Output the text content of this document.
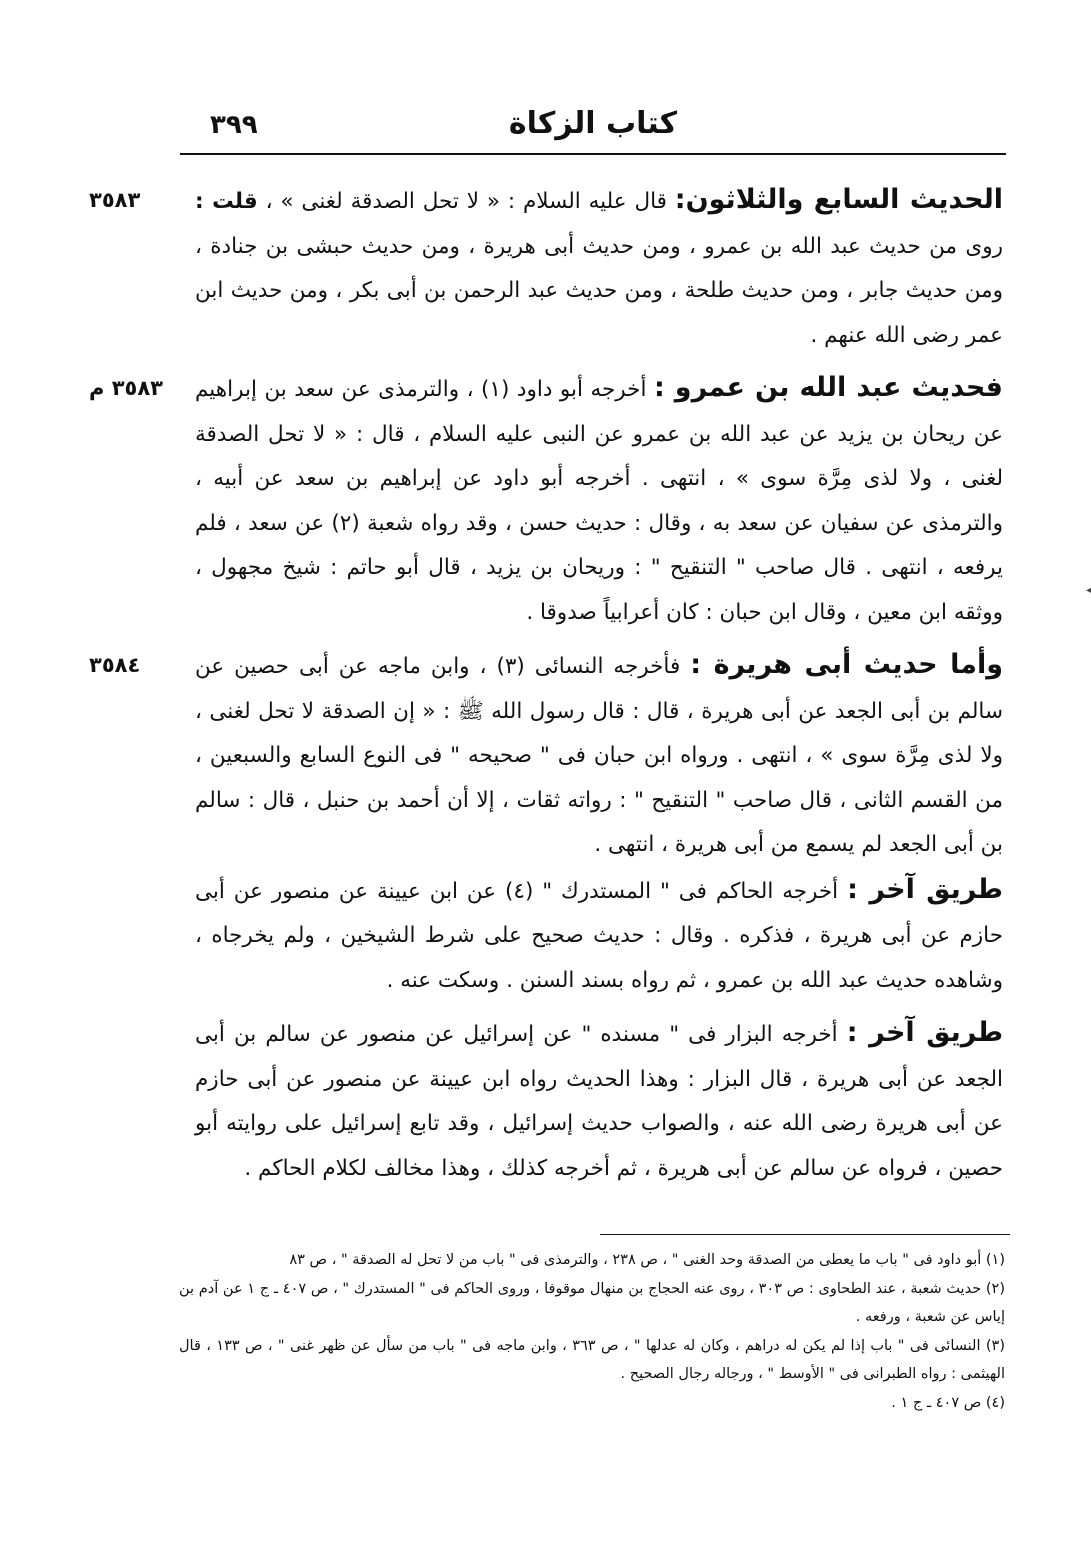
كتاب الزكاة
٣٩٩
٣٥٨٣	الحديث السابع والثلاثون: قال عليه السلام : « لا تحل الصدقة لغنى » ، قلت : روى من حديث عبد الله بن عمرو ، ومن حديث أبى هريرة ، ومن حديث حبشى بن جنادة ، ومن حديث جابر ، ومن حديث طلحة ، ومن حديث عبد الرحمن بن أبى بكر ، ومن حديث ابن عمر رضى الله عنهم .
٣٥٨٣ م	فحديث عبد الله بن عمرو : أخرجه أبو داود (١) ، والترمذى عن سعد بن إبراهيم عن ريحان بن يزيد عن عبد الله بن عمرو عن النبى عليه السلام ، قال : « لا تحل الصدقة لغنى ، ولا لذى مِرَّة سوى » ، انتهى . أخرجه أبو داود عن إبراهيم بن سعد عن أبيه ، والترمذى عن سفيان عن سعد به ، وقال : حديث حسن ، وقد رواه شعبة (٢) عن سعد ، فلم يرفعه ، انتهى . قال صاحب " التنقيح " : وريحان بن يزيد ، قال أبو حاتم : شيخ مجهول ، ووثقه ابن معين ، وقال ابن حبان : كان أعرابياً صدوقا .
٣٥٨٤	وأما حديث أبى هريرة : فأخرجه النسائى (٣) ، وابن ماجه عن أبى حصين عن سالم بن أبى الجعد عن أبى هريرة ، قال : قال رسول الله ﷺ : « إن الصدقة لا تحل لغنى ، ولا لذى مِرَّة سوى » ، انتهى . ورواه ابن حبان فى " صحيحه " فى النوع السابع والسبعين ، من القسم الثانى ، قال صاحب " التنقيح " : رواته ثقات ، إلا أن أحمد بن حنبل ، قال : سالم بن أبى الجعد لم يسمع من أبى هريرة ، انتهى .
طريق آخر : أخرجه الحاكم فى " المستدرك " (٤) عن ابن عيينة عن منصور عن أبى حازم عن أبى هريرة ، فذكره . وقال : حديث صحيح على شرط الشيخين ، ولم يخرجاه ، وشاهده حديث عبد الله بن عمرو ، ثم رواه بسند السنن . وسكت عنه .
طريق آخر : أخرجه البزار فى " مسنده " عن إسرائيل عن منصور عن سالم بن أبى الجعد عن أبى هريرة ، قال البزار : وهذا الحديث رواه ابن عيينة عن منصور عن أبى حازم عن أبى هريرة رضى الله عنه ، والصواب حديث إسرائيل ، وقد تابع إسرائيل على روايته أبو حصين ، فرواه عن سالم عن أبى هريرة ، ثم أخرجه كذلك ، وهذا مخالف لكلام الحاكم .

(١) أبو داود فى " باب ما يعطى من الصدقة وحد الغنى " ، ص ٢٣٨ ، والترمذى فى " باب من لا تحل له الصدقة " ، ص ٨٣

(٢) حديث شعبة ، عند الطحاوى : ص ٣٠٣ ، روى عنه الحجاج بن منهال موقوفا ، وروى الحاكم فى " المستدرك " ، ص ٤٠٧ ـ ج ١ عن آدم بن إياس عن شعبة ، ورفعه .

(٣) النسائى فى " باب إذا لم يكن له دراهم ، وكان له عدلها " ، ص ٣٦٣ ، وابن ماجه فى " باب من سأل عن ظهر غنى " ، ص ١٣٣ ، قال الهيثمى : رواه الطبرانى فى " الأوسط " ، ورجاله رجال الصحيح .

(٤) ص ٤٠٧ ـ ج ١ .

◂
